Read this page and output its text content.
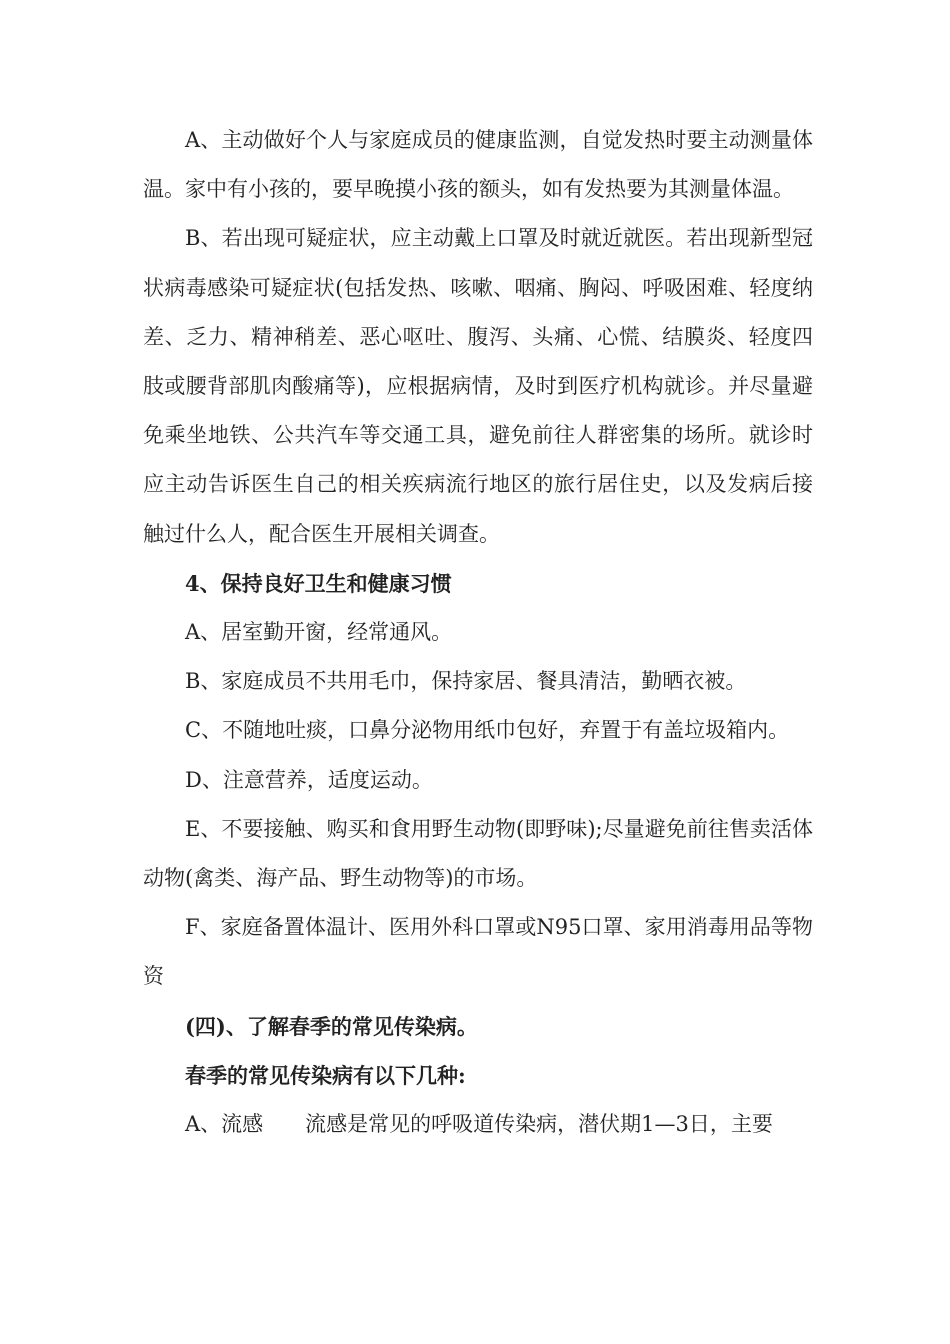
A、主动做好个人与家庭成员的健康监测，自觉发热时要主动测量体温。家中有小孩的，要早晚摸小孩的额头，如有发热要为其测量体温。

B、若出现可疑症状，应主动戴上口罩及时就近就医。若出现新型冠状病毒感染可疑症状(包括发热、咳嗽、咽痛、胸闷、呼吸困难、轻度纳差、乏力、精神稍差、恶心呕吐、腹泻、头痛、心慌、结膜炎、轻度四肢或腰背部肌肉酸痛等)，应根据病情，及时到医疗机构就诊。并尽量避免乘坐地铁、公共汽车等交通工具，避免前往人群密集的场所。就诊时应主动告诉医生自己的相关疾病流行地区的旅行居住史，以及发病后接触过什么人，配合医生开展相关调查。

4、保持良好卫生和健康习惯

A、居室勤开窗，经常通风。

B、家庭成员不共用毛巾，保持家居、餐具清洁，勤晒衣被。

C、不随地吐痰，口鼻分泌物用纸巾包好，弃置于有盖垃圾箱内。

D、注意营养，适度运动。

E、不要接触、购买和食用野生动物(即野味);尽量避免前往售卖活体动物(禽类、海产品、野生动物等)的市场。

F、家庭备置体温计、医用外科口罩或N95口罩、家用消毒用品等物资

(四)、了解春季的常见传染病。

春季的常见传染病有以下几种:

A、流感　　流感是常见的呼吸道传染病，潜伏期1—3日，主要
